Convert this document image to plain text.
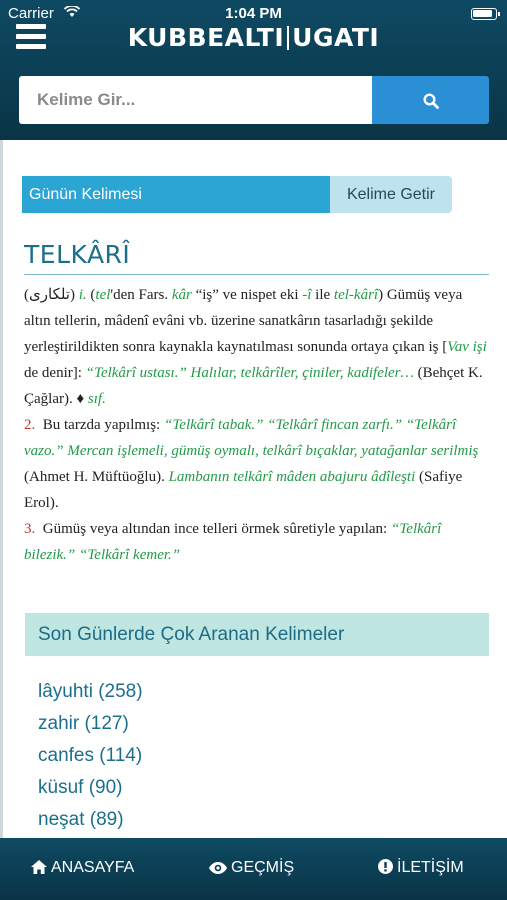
Carrier	1:04 PM
KUBBEALTI UGATI
Kelime Gir...
Günün Kelimesi	Kelime Getir
TELKÂRÎ
(تلكارى) i. (tel'den Fars. kâr “iş” ve nispet eki -î ile tel-kârî) Gümüş veya altın tellerin, mâdenî evâni vb. üzerine sanatkârın tasarladığı şekilde yerleştirildikten sonra kaynakla kaynatılması sonunda ortaya çıkan iş [Vav işi de denir]: “Telkârî ustası.” Halılar, telkârîler, çiniler, kadifeler… (Behçet K. Çağlar). ♦ sıf.
2. Bu tarzda yapılmış: “Telkârî tabak.” “Telkârî fincan zarfı.” “Telkârî vazo.” Mercan işlemeli, gümüş oymalı, telkârî bıçaklar, yatağanlar serilmiş (Ahmet H. Müftüoğlu). Lambanın telkârî mâden abajuru âdîleşti (Safiye Erol).
3. Gümüş veya altından ince telleri örmek sûretiyle yapılan: “Telkârî bilezik.” “Telkârî kemer.”
Son Günlerde Çok Aranan Kelimeler
lâyuhti (258)
zahir (127)
canfes (114)
küsuf (90)
neşat (89)
ANASAYFA	GEÇMİŞ	İLETİŞİM
